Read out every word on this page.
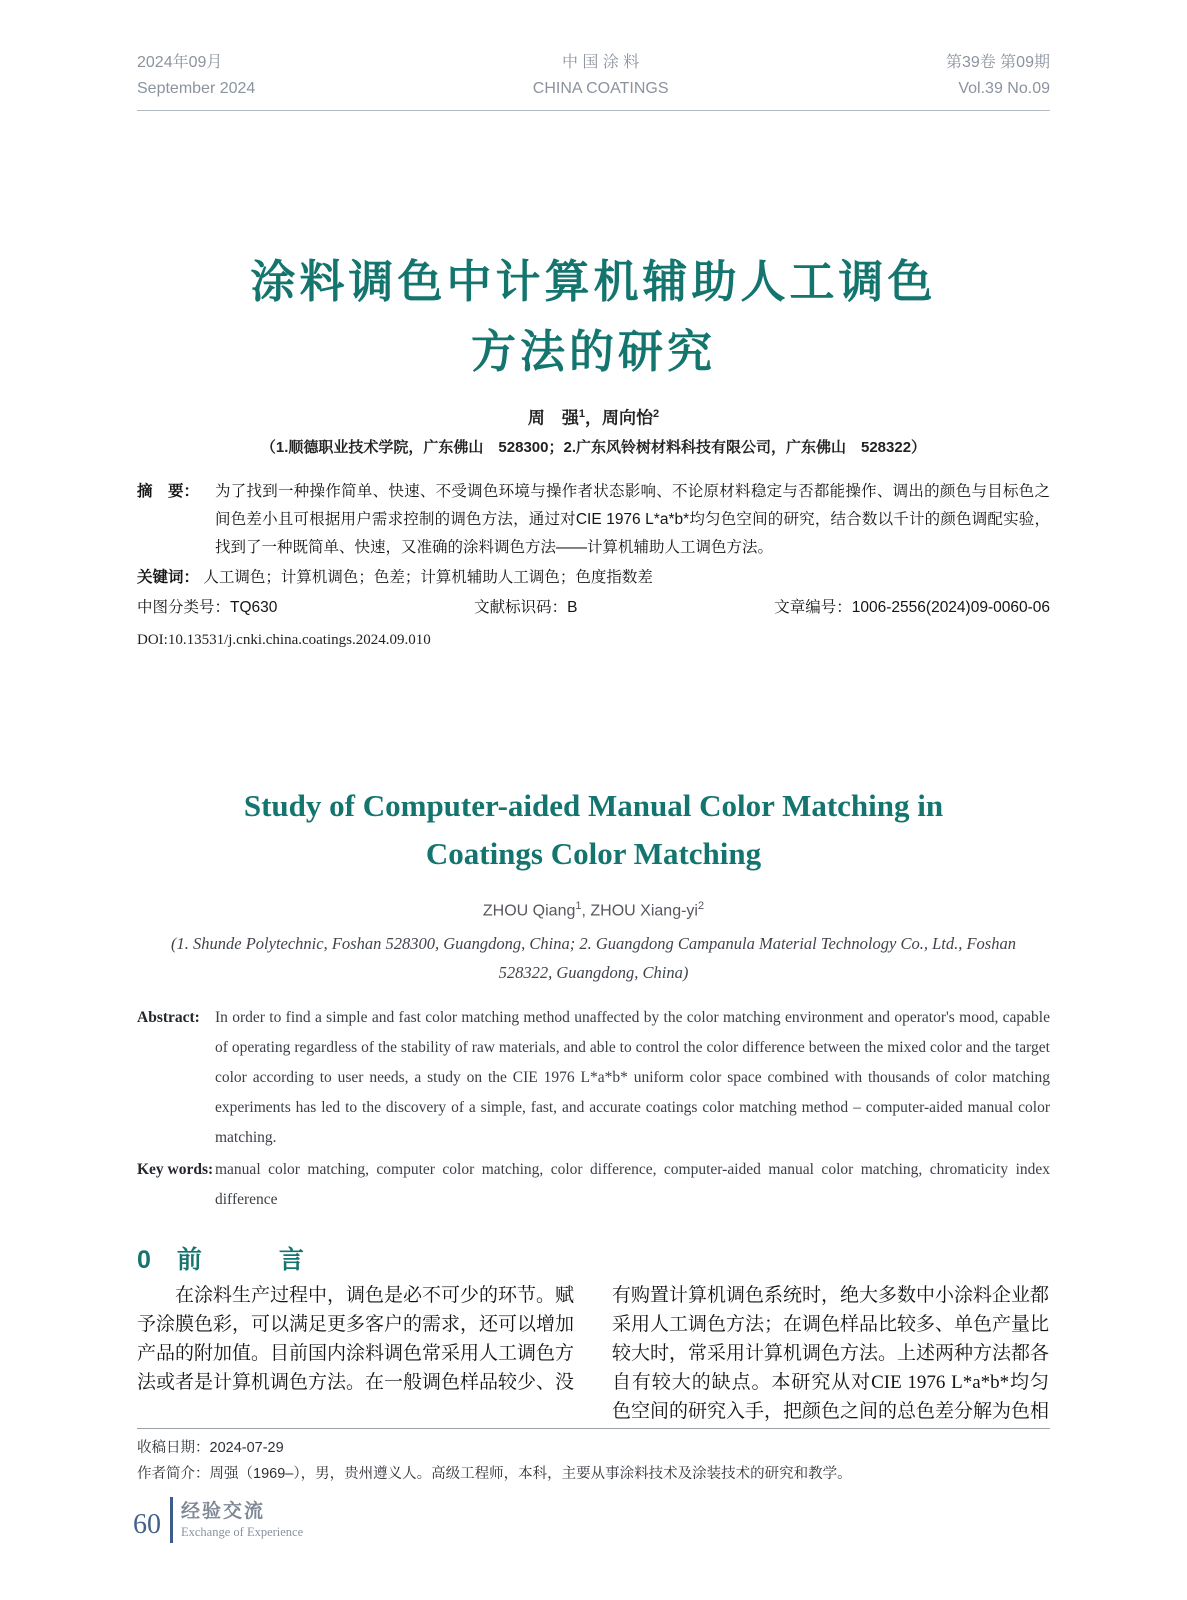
2024年09月
September 2024
中 国 涂 料
CHINA COATINGS
第39卷 第09期
Vol.39 No.09
涂料调色中计算机辅助人工调色
方法的研究
周　强$^1$，周向怡$^2$
（1.顺德职业技术学院，广东佛山　528300；2.广东风铃树材料科技有限公司，广东佛山　528322）
摘　要： 为了找到一种操作简单、快速、不受调色环境与操作者状态影响、不论原材料稳定与否都能操作、调出的颜色与目标色之间色差小且可根据用户需求控制的调色方法，通过对CIE 1976 L*a*b*均匀色空间的研究，结合数以千计的颜色调配实验，找到了一种既简单、快速，又准确的涂料调色方法——计算机辅助人工调色方法。
关键词： 人工调色；计算机调色；色差；计算机辅助人工调色；色度指数差
中图分类号：TQ630	文献标识码：B	文章编号：1006-2556(2024)09-0060-06
DOI:10.13531/j.cnki.china.coatings.2024.09.010
Study of Computer-aided Manual Color Matching in
Coatings Color Matching
ZHOU Qiang$^1$, ZHOU Xiang-$yi^2$
(1. Shunde Polytechnic, Foshan 528300, Guangdong, China; 2. Guangdong Campanula Material Technology Co., Ltd., Foshan
528322, Guangdong, China)
Abstract: In order to find a simple and fast color matching method unaffected by the color matching environment and operator's mood, capable of operating regardless of the stability of raw materials, and able to control the color difference between the mixed color and the target color according to user needs, a study on the CIE 1976 L*a*b* uniform color space combined with thousands of color matching experiments has led to the discovery of a simple, fast, and accurate coatings color matching method – computer-aided manual color matching.
Key words: manual color matching, computer color matching, color difference, computer-aided manual color matching, chromaticity index difference
0 前　言
在涂料生产过程中，调色是必不可少的环节。赋予涂膜色彩，可以满足更多客户的需求，还可以增加产品的附加值。目前国内涂料调色常采用人工调色方法或者是计算机调色方法。在一般调色样品较少、没
有购置计算机调色系统时，绝大多数中小涂料企业都采用人工调色方法；在调色样品比较多、单色产量比较大时，常采用计算机调色方法。上述两种方法都各自有较大的缺点。本研究从对CIE 1976 L*a*b*均匀色空间的研究入手，把颜色之间的总色差分解为色相
收稿日期：2024-07-29
作者简介：周强（1969–），男，贵州遵义人。高级工程师，本科，主要从事涂料技术及涂装技术的研究和教学。
60 经验交流
Exchange of Experience
